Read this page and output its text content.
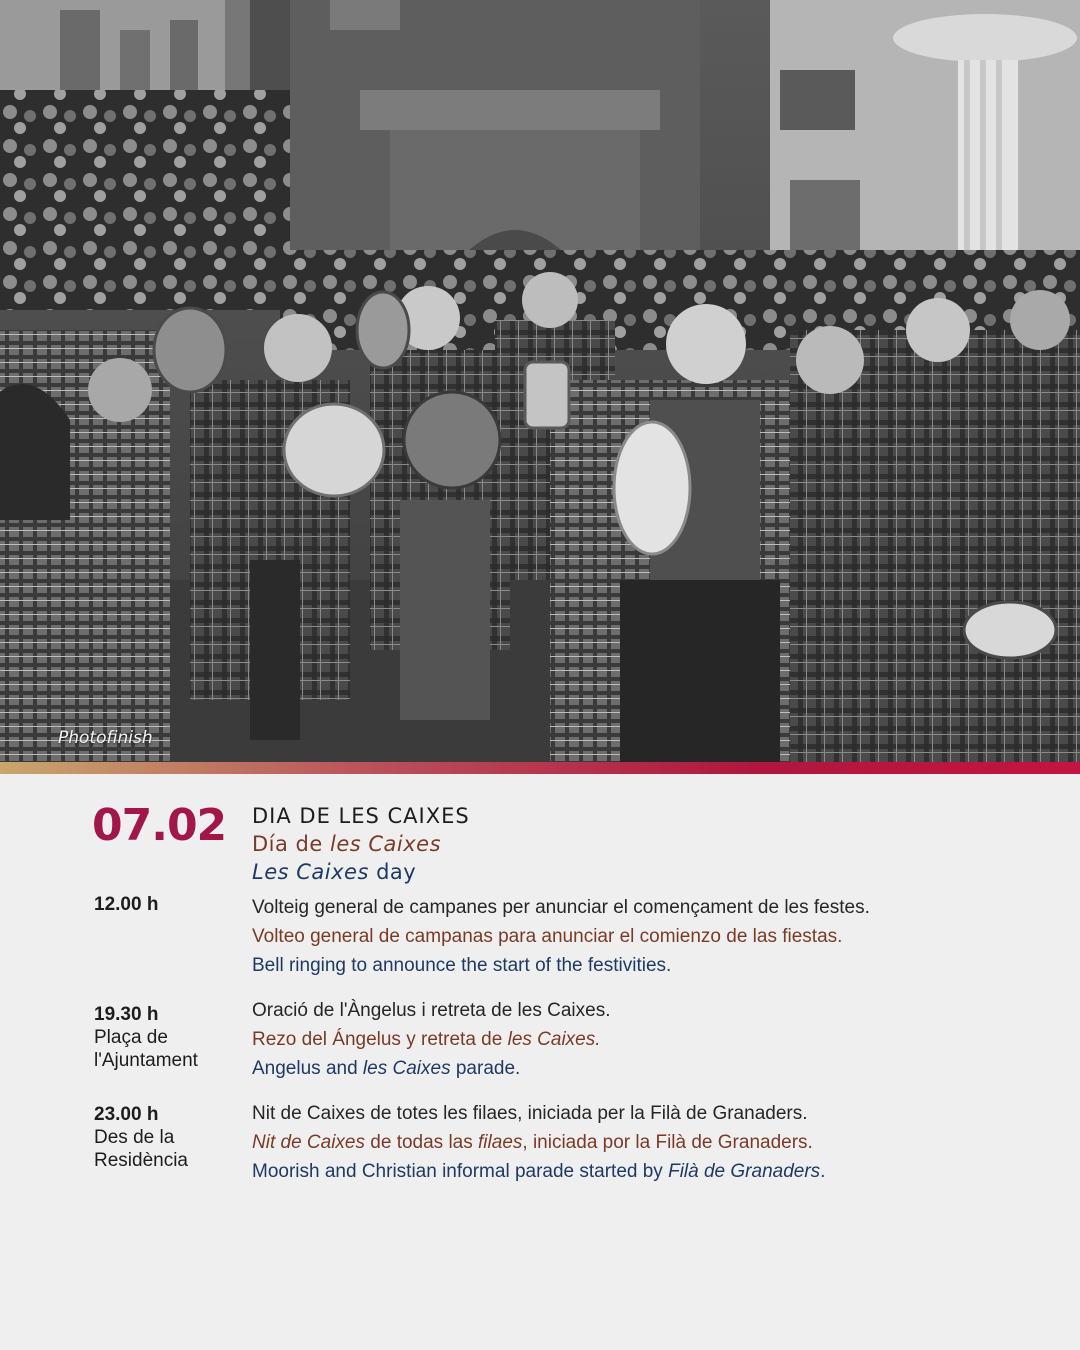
Photofinish
07.02 DIA DE LES CAIXES
Día de les Caixes
Les Caixes day
12.00 h	Volteig general de campanes per anunciar el començament de les festes.
Volteo general de campanas para anunciar el comienzo de las fiestas.
Bell ringing to announce the start of the festivities.
19.30 h
Plaça de
l'Ajuntament
Oració de l'Àngelus i retreta de les Caixes.
Rezo del Ángelus y retreta de les Caixes.
Angelus and les Caixes parade.
23.00 h
Des de la
Residència
Nit de Caixes de totes les filaes, iniciada per la Filà de Granaders.
Nit de Caixes de todas las filaes, iniciada por la Filà de Granaders.
Moorish and Christian informal parade started by Filà de Granaders.
